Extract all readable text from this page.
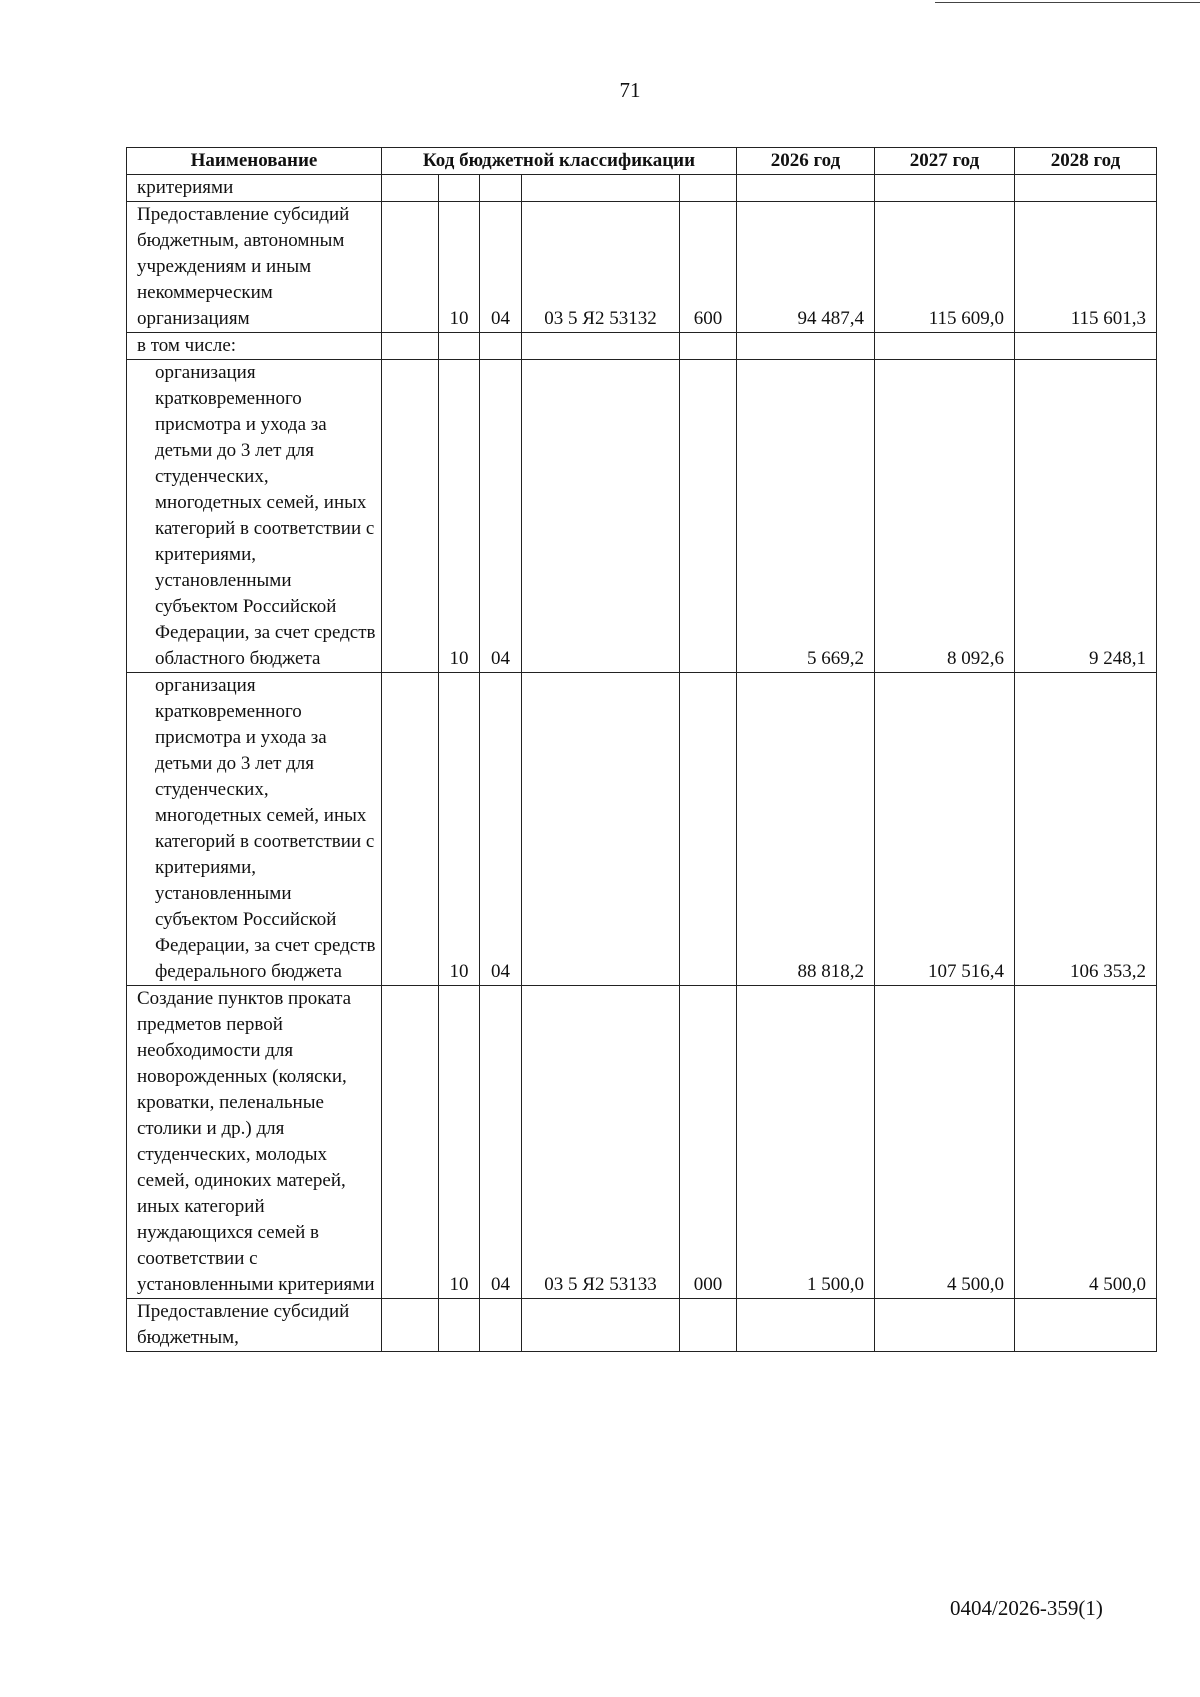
71
Наименование	Код бюджетной классификации					2026 год	2027 год	2028 год
критериями								
Предоставление субсидий бюджетным, автономным учреждениям и иным некоммерческим организациям		10	04	03 5 Я2 53132	600	94 487,4	115 609,0	115 601,3
в том числе:								
организация кратковременного присмотра и ухода за детьми до 3 лет для студенческих, многодетных семей, иных категорий в соответствии с критериями, установленными субъектом Российской Федерации, за счет средств областного бюджета		10	04			5 669,2	8 092,6	9 248,1
организация кратковременного присмотра и ухода за детьми до 3 лет для студенческих, многодетных семей, иных категорий в соответствии с критериями, установленными субъектом Российской Федерации, за счет средств федерального бюджета		10	04			88 818,2	107 516,4	106 353,2
Создание пунктов проката предметов первой необходимости для новорожденных (коляски, кроватки, пеленальные столики и др.) для студенческих, молодых семей, одиноких матерей, иных категорий нуждающихся семей в соответствии с установленными критериями		10	04	03 5 Я2 53133	000	1 500,0	4 500,0	4 500,0
Предоставление субсидий бюджетным,								
0404/2026-359(1)
